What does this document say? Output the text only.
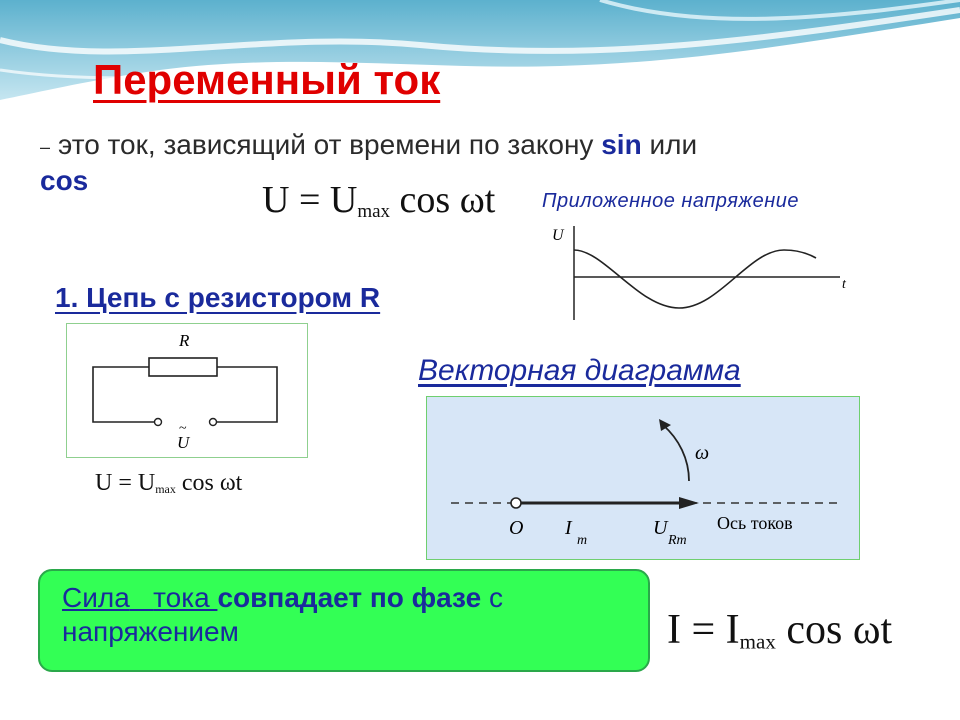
Переменный ток
– это ток, зависящий от времени по закону sin или
cos	$U = U_{max}$ cos ωt Приложенное напряжение
U
t
1. Цепь с резистором R
R
~
U
$U = U_{max}$ cos ωt
Векторная диаграмма
O I
m
U
Rm
ω
Ось токов
Сила тока совпадает по фазе с напряжением	$I = I_{max}$ cos ωt
